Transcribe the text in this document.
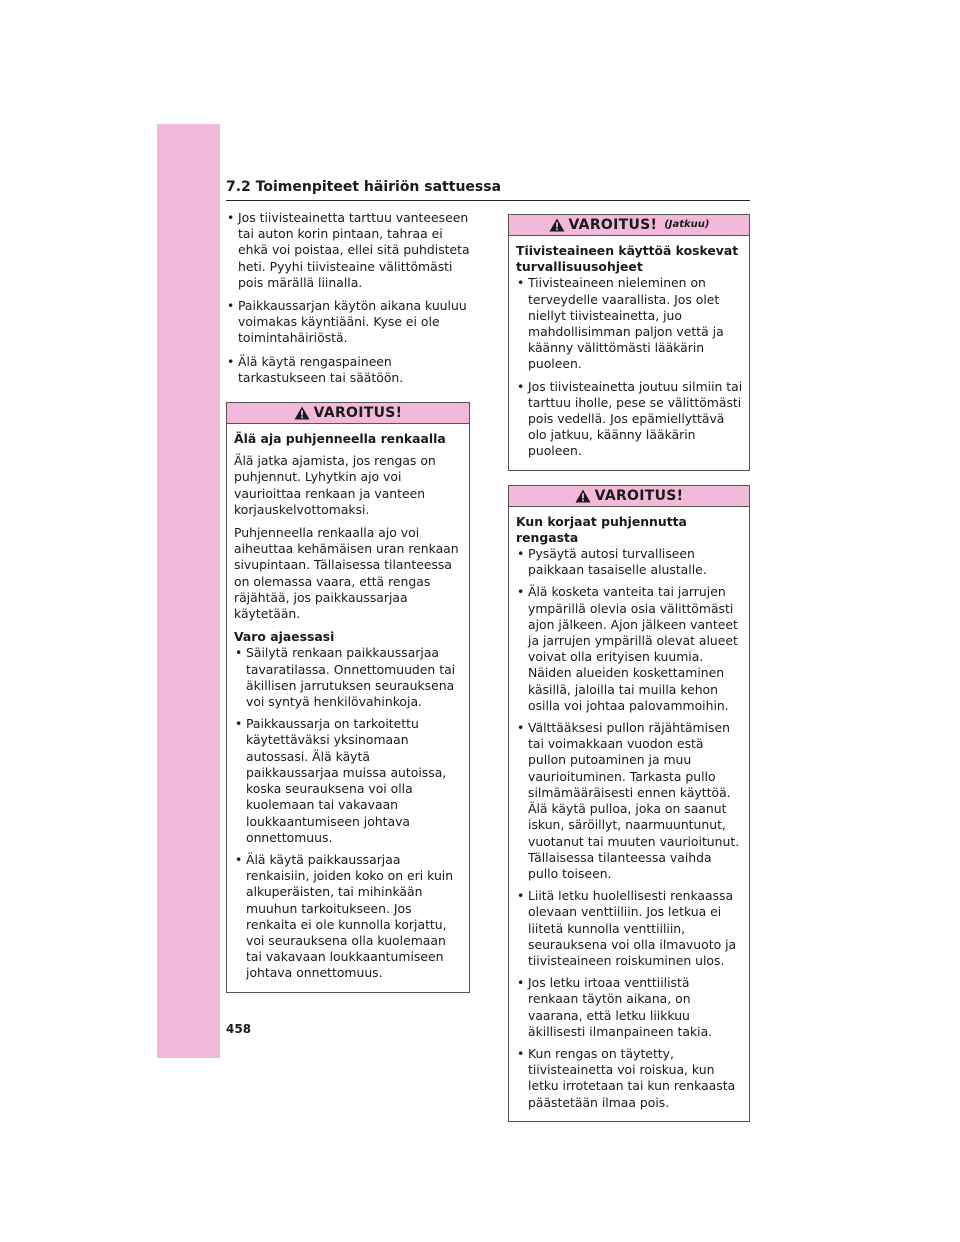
7.2 Toimenpiteet häiriön sattuessa
• Jos tiivisteainetta tarttuu vanteeseen tai auton korin pintaan, tahraa ei ehkä voi poistaa, ellei sitä puhdisteta heti. Pyyhi tiivisteaine välittömästi pois märällä liinalla.
• Paikkaussarjan käytön aikana kuuluu voimakas käyntiääni. Kyse ei ole toimintahäiriöstä.
• Älä käytä rengaspaineen tarkastukseen tai säätöön.
VAROITUS!
Älä aja puhjenneella renkaalla

Älä jatka ajamista, jos rengas on puhjennut. Lyhytkin ajo voi vaurioittaa renkaan ja vanteen korjauskelvottomaksi.

Puhjenneella renkaalla ajo voi aiheuttaa kehämäisen uran renkaan sivupintaan. Tällaisessa tilanteessa on olemassa vaara, että rengas räjähtää, jos paikkaussarjaa käytetään.

Varo ajaessasi
• Säilytä renkaan paikkaussarjaa tavaratilassa. Onnettomuuden tai äkillisen jarrutuksen seurauksena voi syntyä henkilövahinkoja.
• Paikkaussarja on tarkoitettu käytettäväksi yksinomaan autossasi. Älä käytä paikkaussarjaa muissa autoissa, koska seurauksena voi olla kuolemaan tai vakavaan loukkaantumiseen johtava onnettomuus.
• Älä käytä paikkaussarjaa renkaisiin, joiden koko on eri kuin alkuperäisten, tai mihinkään muuhun tarkoitukseen. Jos renkaita ei ole kunnolla korjattu, voi seurauksena olla kuolemaan tai vakavaan loukkaantumiseen johtava onnettomuus.
VAROITUS! (Jatkuu)
Tiivisteaineen käyttöä koskevat turvallisuusohjeet
• Tiivisteaineen nieleminen on terveydelle vaarallista. Jos olet niellyt tiivisteainetta, juo mahdollisimman paljon vettä ja käänny välittömästi lääkärin puoleen.
• Jos tiivisteainetta joutuu silmiin tai tarttuu iholle, pese se välittömästi pois vedellä. Jos epämiellyttävä olo jatkuu, käänny lääkärin puoleen.
VAROITUS!
Kun korjaat puhjennutta rengasta
• Pysäytä autosi turvalliseen paikkaan tasaiselle alustalle.
• Älä kosketa vanteita tai jarrujen ympärillä olevia osia välittömästi ajon jälkeen. Ajon jälkeen vanteet ja jarrujen ympärillä olevat alueet voivat olla erityisen kuumia. Näiden alueiden koskettaminen käsillä, jaloilla tai muilla kehon osilla voi johtaa palovammoihin.
• Välttääksesi pullon räjähtämisen tai voimakkaan vuodon estä pullon putoaminen ja muu vaurioituminen. Tarkasta pullo silmämääräisesti ennen käyttöä. Älä käytä pulloa, joka on saanut iskun, säröillyt, naarmuuntunut, vuotanut tai muuten vaurioitunut. Tällaisessa tilanteessa vaihda pullo toiseen.
• Liitä letku huolellisesti renkaassa olevaan venttiiliin. Jos letkua ei liitetä kunnolla venttiiliin, seurauksena voi olla ilmavuoto ja tiivisteaineen roiskuminen ulos.
• Jos letku irtoaa venttiilistä renkaan täytön aikana, on vaarana, että letku liikkuu äkillisesti ilmanpaineen takia.
• Kun rengas on täytetty, tiivisteainetta voi roiskua, kun letku irrotetaan tai kun renkaasta päästetään ilmaa pois.
458
